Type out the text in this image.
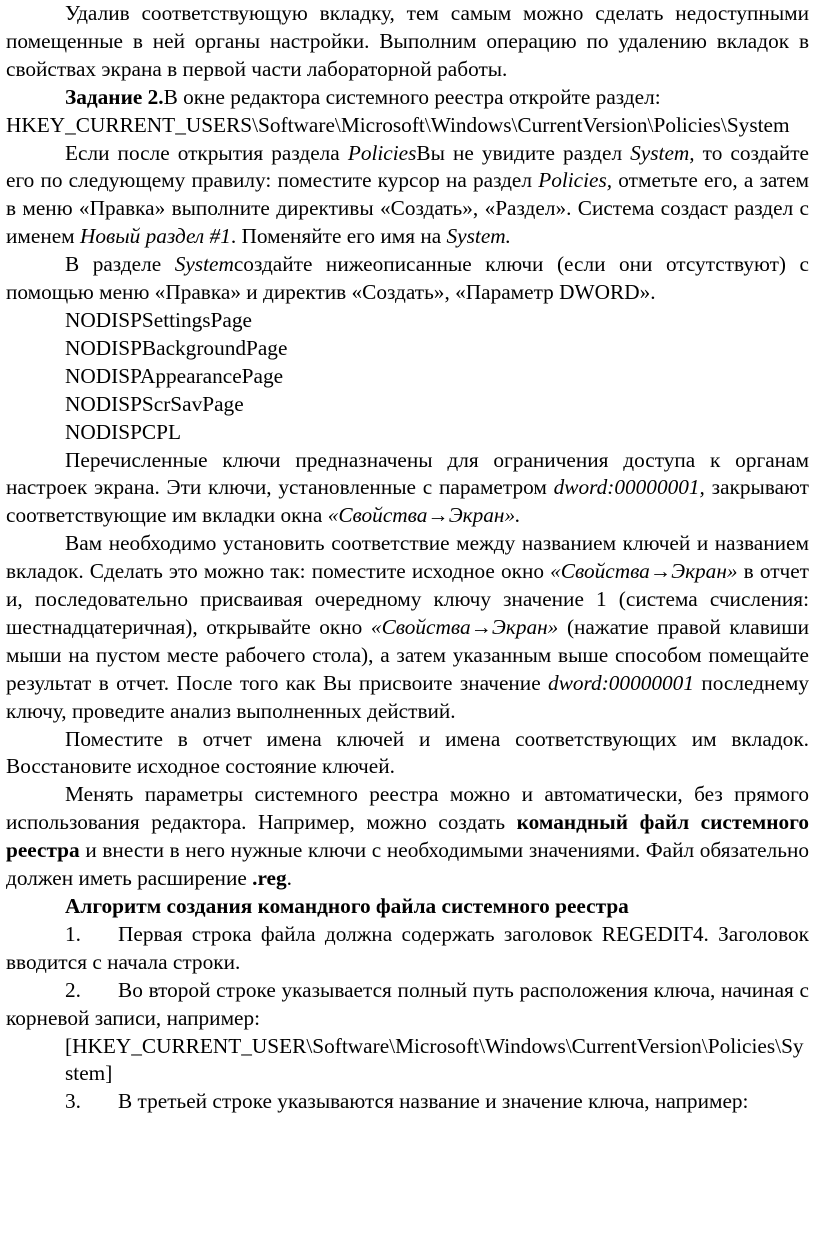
Удалив соответствующую вкладку, тем самым можно сделать недоступными помещенные в ней органы настройки. Выполним операцию по удалению вкладок в свойствах экрана в первой части лабораторной работы.

Задание 2.В окне редактора системного реестра откройте раздел:

HKEY_CURRENT_USERS\Software\Microsoft\Windows\CurrentVersion\Policies\System

Если после открытия раздела PoliciesВы не увидите раздел System, то создайте его по следующему правилу: поместите курсор на раздел Policies, отметьте его, а затем в меню «Правка» выполните директивы «Создать», «Раздел». Система создаст раздел с именем Новый раздел #1. Поменяйте его имя на System.

В разделе Systemсоздайте нижеописанные ключи (если они отсутствуют) с помощью меню «Правка» и директив «Создать», «Параметр DWORD».

NODISPSettingsPage

NODISPBackgroundPage

NODISPAppearancePage

NODISPScrSavPage

NODISPCPL

Перечисленные ключи предназначены для ограничения доступа к органам настроек экрана. Эти ключи, установленные с параметром dword:00000001, закрывают соответствующие им вкладки окна «Свойства→Экран».

Вам необходимо установить соответствие между названием ключей и названием вкладок. Сделать это можно так: поместите исходное окно «Свойства→Экран» в отчет и, последовательно присваивая очередному ключу значение 1 (система счисления: шестнадцатеричная), открывайте окно «Свойства→Экран» (нажатие правой клавиши мыши на пустом месте рабочего стола), а затем указанным выше способом помещайте результат в отчет. После того как Вы присвоите значение dword:00000001 последнему ключу, проведите анализ выполненных действий.

Поместите в отчет имена ключей и имена соответствующих им вкладок. Восстановите исходное состояние ключей.

Менять параметры системного реестра можно и автоматически, без прямого использования редактора. Например, можно создать командный файл системного реестра и внести в него нужные ключи с необходимыми значениями. Файл обязательно должен иметь расширение .reg.

Алгоритм создания командного файла системного реестра

1. Первая строка файла должна содержать заголовок REGEDIT4. Заголовок вводится с начала строки.

2. Во второй строке указывается полный путь расположения ключа, начиная с корневой записи, например:

[HKEY_CURRENT_USER\Software\Microsoft\Windows\CurrentVersion\Policies\System]

3. В третьей строке указываются название и значение ключа, например:
